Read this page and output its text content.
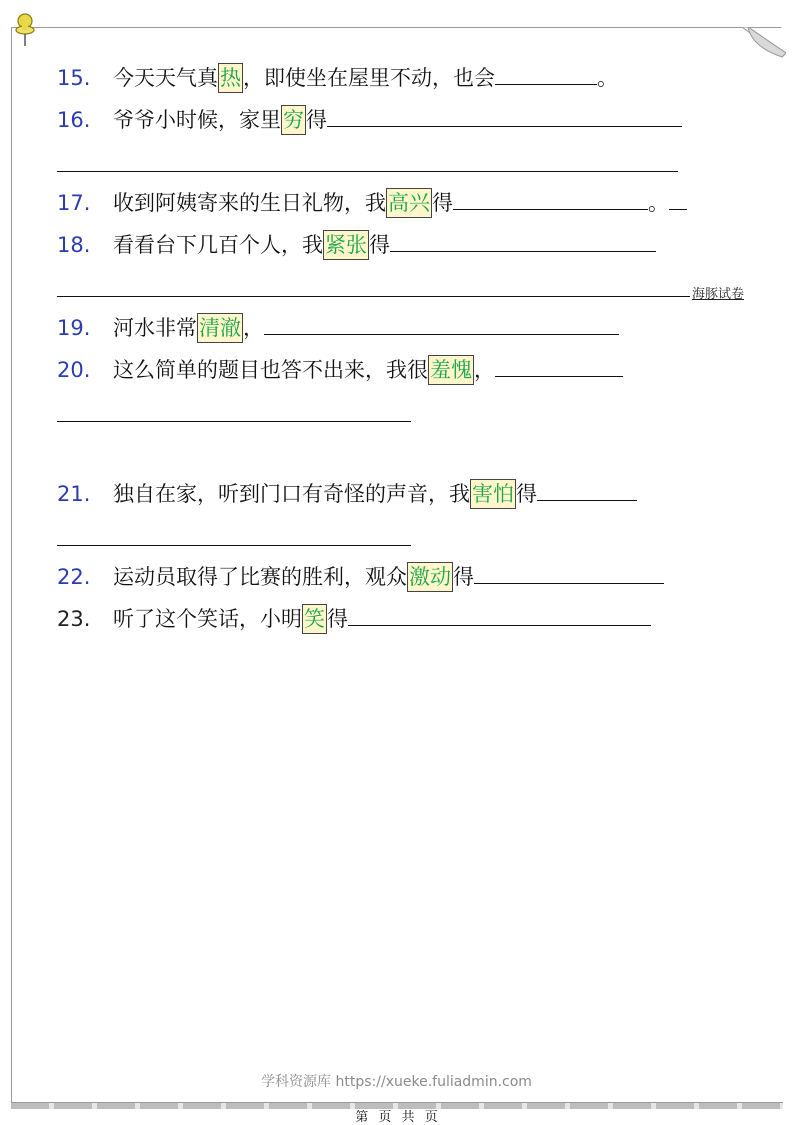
15. 今天天气真热，即使坐在屋里不动，也会	。
16. 爷爷小时候，家里穷得
17. 收到阿姨寄来的生日礼物，我高兴得	。
18. 看看台下几百个人，我紧张得
海豚试卷
19. 河水非常清澈，
20. 这么简单的题目也答不出来，我很羞愧，
21. 独自在家，听到门口有奇怪的声音，我害怕得
22. 运动员取得了比赛的胜利，观众激动得
23. 听了这个笑话，小明笑得
学科资源库 https://xueke.fuliadmin.com
第 页 共 页
